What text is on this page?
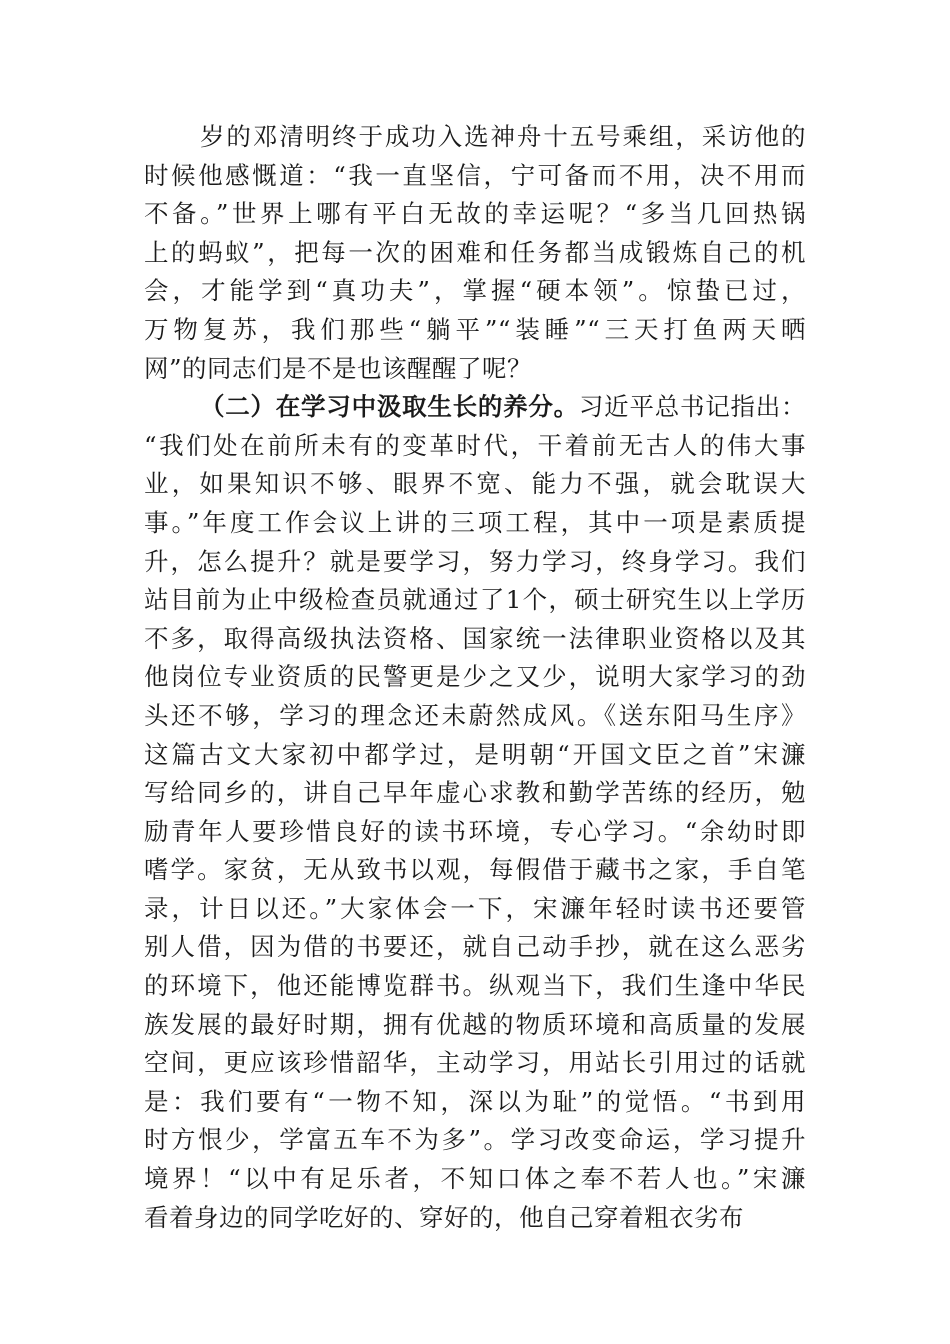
岁的邓清明终于成功入选神舟十五号乘组，采访他的
时候他感慨道：“我一直坚信，宁可备而不用，决不用而
不备。”世界上哪有平白无故的幸运呢？“多当几回热锅
上的蚂蚁”，把每一次的困难和任务都当成锻炼自己的机
会，才能学到“真功夫”，掌握“硬本领”。惊蛰已过，
万物复苏，我们那些“躺平”“装睡”“三天打鱼两天晒
网”的同志们是不是也该醒醒了呢？
（二）在学习中汲取生长的养分。习近平总书记指出：
“我们处在前所未有的变革时代，干着前无古人的伟大事
业，如果知识不够、眼界不宽、能力不强，就会耽误大
事。”年度工作会议上讲的三项工程，其中一项是素质提
升，怎么提升？就是要学习，努力学习，终身学习。我们
站目前为止中级检查员就通过了1个，硕士研究生以上学历
不多，取得高级执法资格、国家统一法律职业资格以及其
他岗位专业资质的民警更是少之又少，说明大家学习的劲
头还不够，学习的理念还未蔚然成风。《送东阳马生序》
这篇古文大家初中都学过，是明朝“开国文臣之首”宋濂
写给同乡的，讲自己早年虚心求教和勤学苦练的经历，勉
励青年人要珍惜良好的读书环境，专心学习。“余幼时即
嗜学。家贫，无从致书以观，每假借于藏书之家，手自笔
录，计日以还。”大家体会一下，宋濂年轻时读书还要管
别人借，因为借的书要还，就自己动手抄，就在这么恶劣
的环境下，他还能博览群书。纵观当下，我们生逢中华民
族发展的最好时期，拥有优越的物质环境和高质量的发展
空间，更应该珍惜韶华，主动学习，用站长引用过的话就
是：我们要有“一物不知，深以为耻”的觉悟。“书到用
时方恨少，学富五车不为多”。学习改变命运，学习提升
境界！“以中有足乐者，不知口体之奉不若人也。”宋濂
看着身边的同学吃好的、穿好的，他自己穿着粗衣劣布
